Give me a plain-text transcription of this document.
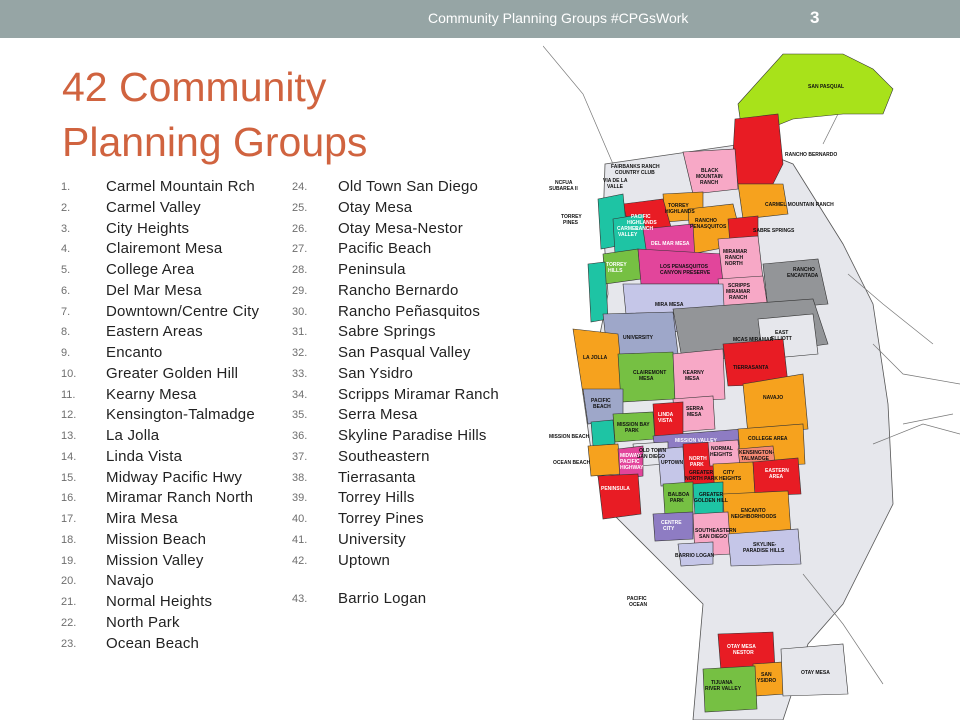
Community Planning Groups #CPGsWork	3
42 Community
Planning Groups
1.	Carmel Mountain Rch
2.	Carmel Valley
3.	City Heights
4.	Clairemont Mesa
5.	College Area
6.	Del Mar Mesa
7.	Downtown/Centre City
8.	Eastern Areas
9.	Encanto
10.	Greater Golden Hill
11.	Kearny Mesa
12.	Kensington-Talmadge
13.	La Jolla
14.	Linda Vista
15.	Midway Pacific Hwy
16.	Miramar Ranch North
17.	Mira Mesa
18.	Mission Beach
19.	Mission Valley
20.	Navajo
21.	Normal Heights
22.	North Park
23.	Ocean Beach
24.	Old Town San Diego
25.	Otay Mesa
26.	Otay Mesa-Nestor
27.	Pacific Beach
28.	Peninsula
29.	Rancho Bernardo
30.	Rancho Peñasquitos
31.	Sabre Springs
32.	San Pasqual Valley
33.	San Ysidro
34.	Scripps Miramar Ranch
35.	Serra Mesa
36.	Skyline Paradise Hills
37.	Southeastern
38.	Tierrasanta
39.	Torrey Hills
40.	Torrey Pines
41.	University
42.	Uptown
43.	Barrio Logan
SAN PASQUAL
RANCHO BERNARDO
FAIRBANKS RANCH
COUNTRY CLUB	BLACK
MOUNTAIN
RANCH
NCFUA
SUBAREA II
VIA DE LA
VALLE
CARMEL MOUNTAIN RANCH
TORREY
HIGHLANDS
TORREY
PINES
PACIFIC
HIGHLANDS
RANCH
RANCHO
PENASQUITOS
SABRE SPRINGS
CARMEL
VALLEY
DEL MAR MESA
MIRAMAR
RANCH
NORTH
RANCHO
ENCANTADA
TORREY
HILLS
LOS PENASQUITOS
CANYON PRESERVE
SCRIPPS
MIRAMAR
RANCH
MIRA MESA
MCAS MIRAMAR
EAST
ELLIOTT
UNIVERSITY
LA JOLLA
TIERRASANTA
CLAIREMONT
MESA
KEARNY
MESA
NAVAJO
PACIFIC
BEACH	SERRA
MESA
LINDA
VISTA
MISSION BAY
PARK
MISSION VALLEY
MISSION BEACH	COLLEGE AREA
OLD TOWN
SAN DIEGO
NORMAL
HEIGHTS KENSINGTON-
TALMADGE
OCEAN BEACH
MIDWAY-
PACIFIC
HIGHWAY
UPTOWN
NORTH
PARK
GREATER
NORTH PARK
CITY
HEIGHTS
EASTERN
AREA
PENINSULA
BALBOA
PARK
GREATER
GOLDEN HILL
CENTRE
CITY
ENCANTO
NEIGHBORHOODS
SOUTHEASTERN
SAN DIEGO
SKYLINE-
PARADISE HILLS
BARRIO LOGAN
PACIFIC
OCEAN
OTAY MESA
NESTOR
SAN
YSIDRO
OTAY MESA
TIJUANA
RIVER VALLEY
